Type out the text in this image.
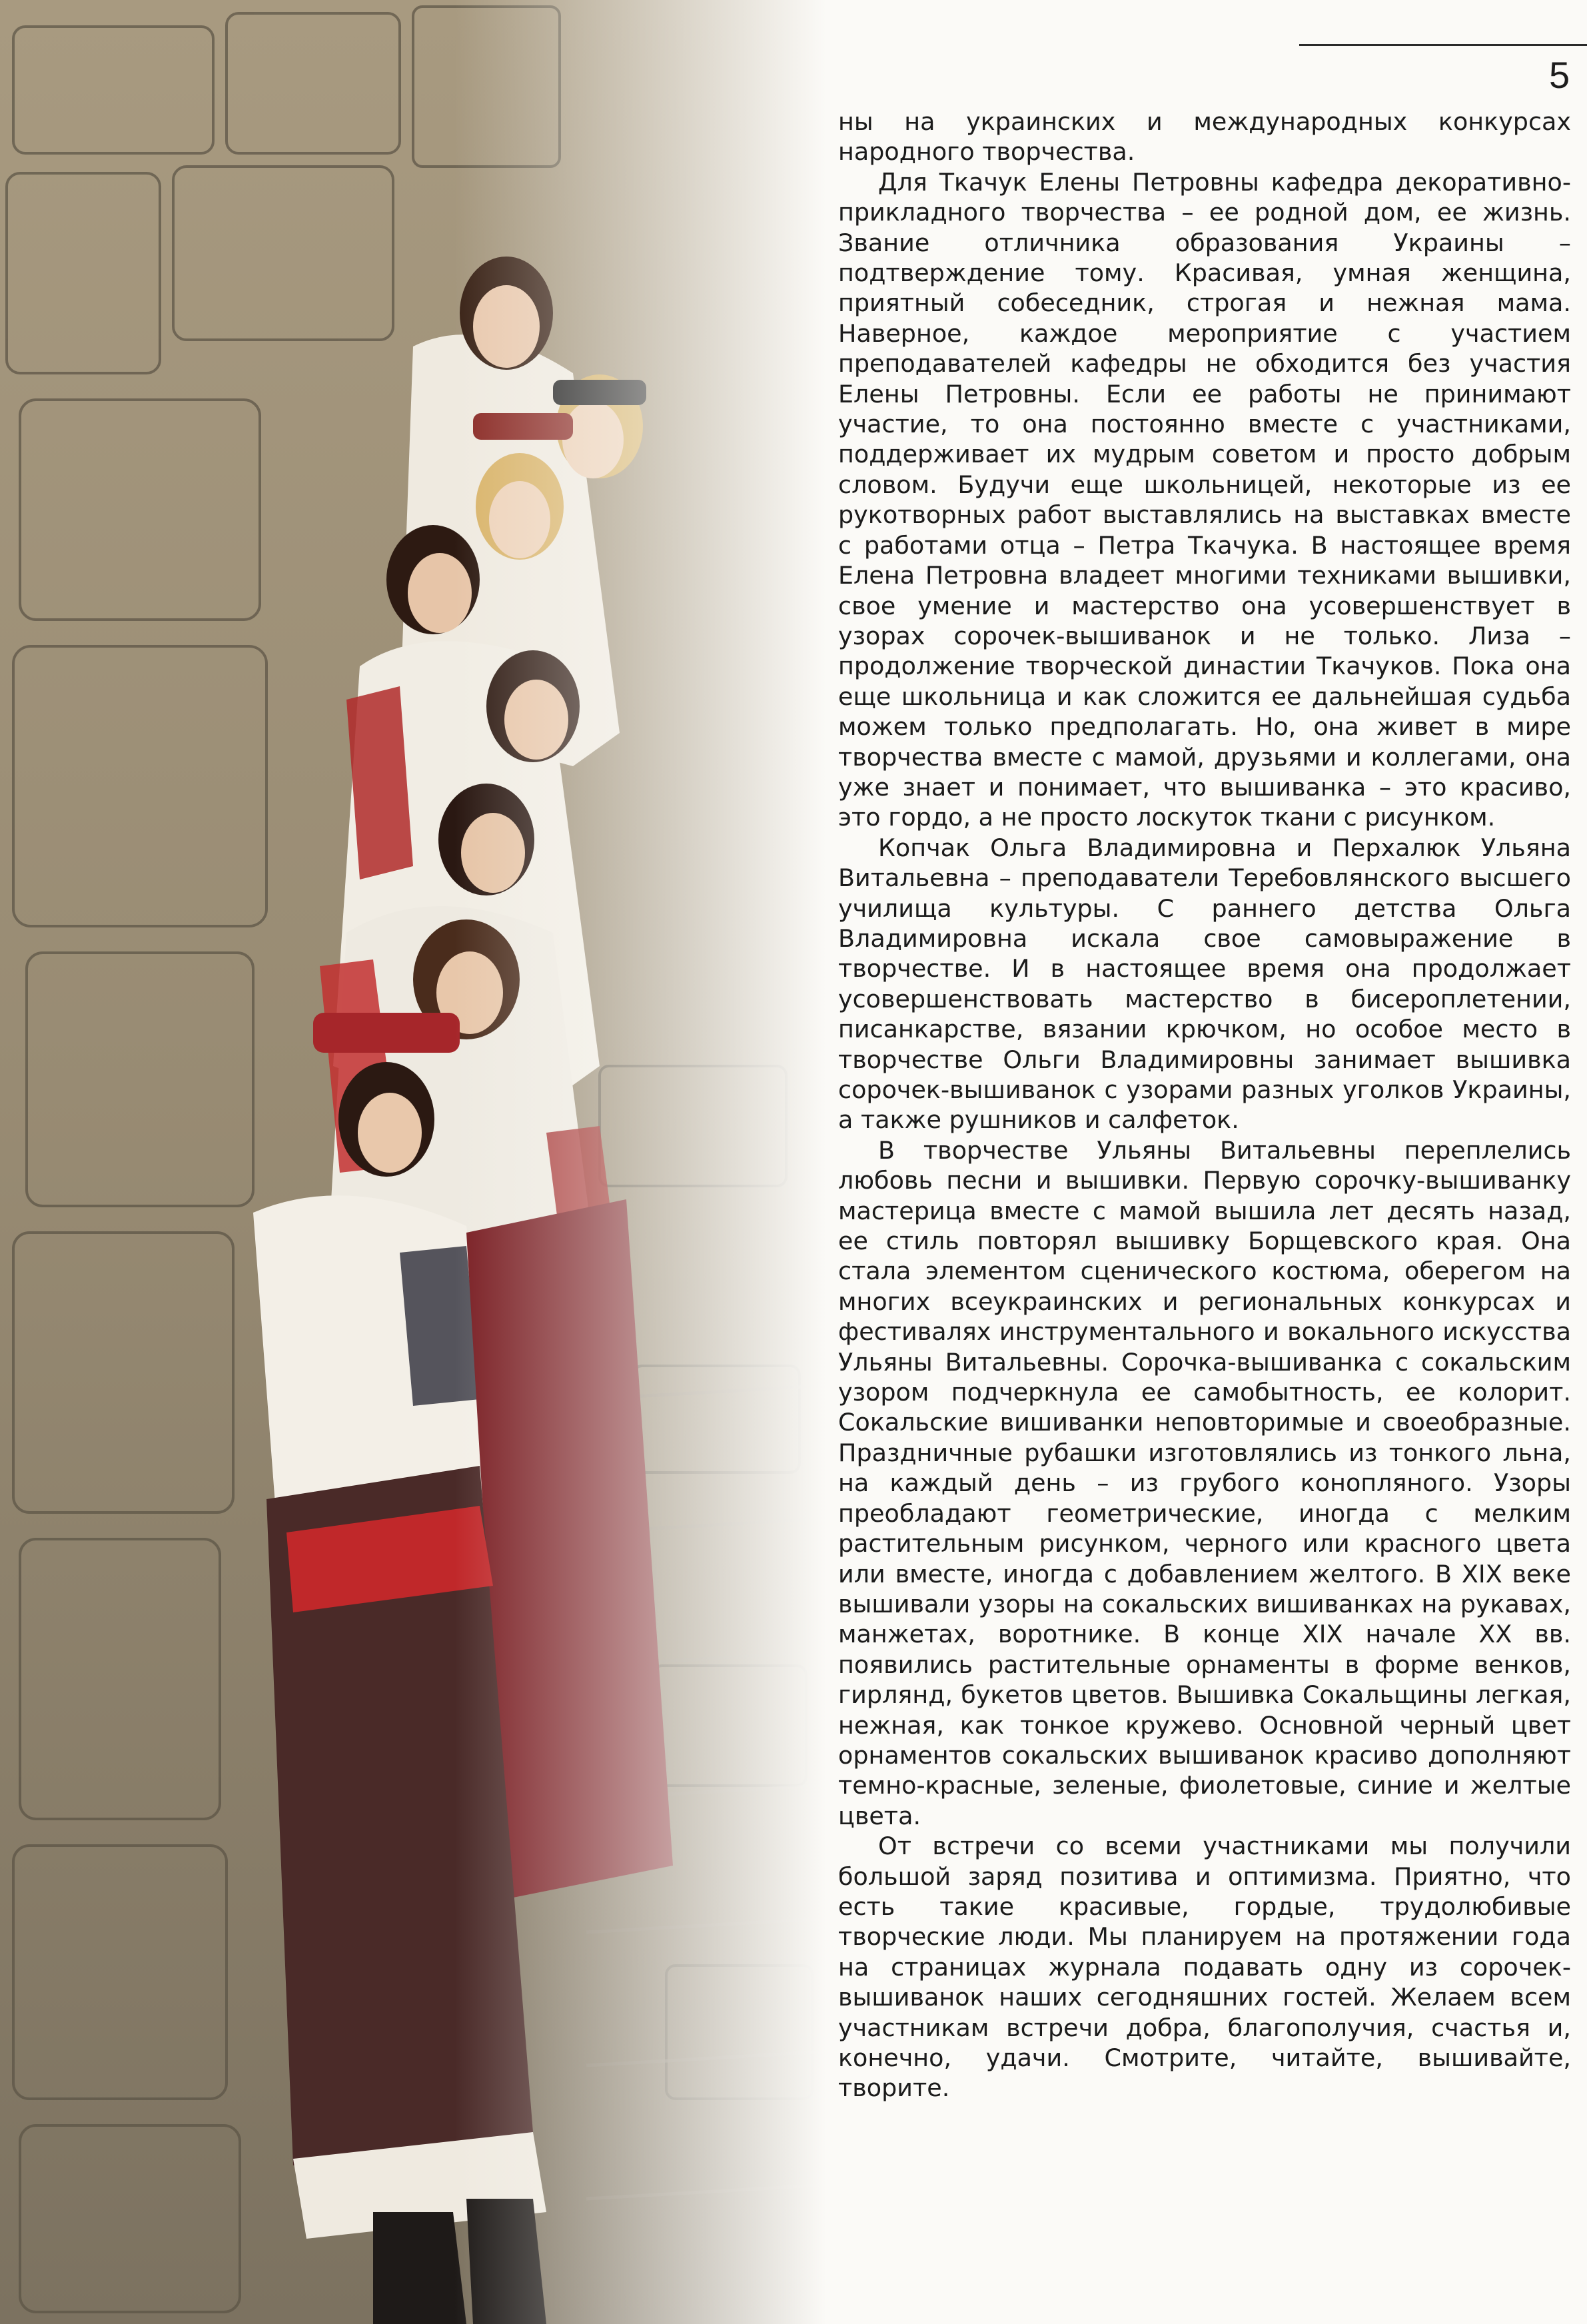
5

ны на украинских и международных конкурсах народного творчества.

Для Ткачук Елены Петровны кафедра декоративно-прикладного творчества – ее родной дом, ее жизнь. Звание отличника образования Украины – подтверждение тому. Красивая, умная женщина, приятный собеседник, строгая и нежная мама. Наверное, каждое мероприятие с участием преподавателей кафедры не обходится без участия Елены Петровны. Если ее работы не принимают участие, то она постоянно вместе с участниками, поддерживает их мудрым советом и просто добрым словом. Будучи еще школьницей, некоторые из ее рукотворных работ выставлялись на выставках вместе с работами отца – Петра Ткачука. В настоящее время Елена Петровна владеет многими техниками вышивки, свое умение и мастерство она усовершенствует в узорах сорочек-вышиванок и не только. Лиза – продолжение творческой династии Ткачуков. Пока она еще школьница и как сложится ее дальнейшая судьба можем только предполагать. Но, она живет в мире творчества вместе с мамой, друзьями и коллегами, она уже знает и понимает, что вышиванка – это красиво, это гордо, а не просто лоскуток ткани с рисунком.

Копчак Ольга Владимировна и Перхалюк Ульяна Витальевна – преподаватели Теребовлянского высшего училища культуры. С раннего детства Ольга Владимировна искала свое самовыражение в творчестве. И в настоящее время она продолжает усовершенствовать мастерство в бисероплетении, писанкарстве, вязании крючком, но особое место в творчестве Ольги Владимировны занимает вышивка сорочек-вышиванок с узорами разных уголков Украины, а также рушников и салфеток.

В творчестве Ульяны Витальевны переплелись любовь песни и вышивки. Первую сорочку-вышиванку мастерица вместе с мамой вышила лет десять назад, ее стиль повторял вышивку Борщевского края. Она стала элементом сценического костюма, оберегом на многих всеукраинских и региональных конкурсах и фестивалях инструментального и вокального искусства Ульяны Витальевны. Сорочка-вышиванка с сокальским узором подчеркнула ее самобытность, ее колорит. Сокальские вишиванки неповторимые и своеобразные. Праздничные рубашки изготовлялись из тонкого льна, на каждый день – из грубого конопляного. Узоры преобладают геометрические, иногда с мелким растительным рисунком, черного или красного цвета или вместе, иногда с добавлением желтого. В XIX веке вышивали узоры на сокальских вишиванках на рукавах, манжетах, воротнике. В конце XIX начале XX вв. появились растительные орнаменты в форме венков, гирлянд, букетов цветов. Вышивка Сокальщины легкая, нежная, как тонкое кружево. Основной черный цвет орнаментов сокальских вышиванок красиво дополняют темно-красные, зеленые, фиолетовые, синие и желтые цвета.

От встречи со всеми участниками мы получили большой заряд позитива и оптимизма. Приятно, что есть такие красивые, гордые, трудолюбивые творческие люди. Мы планируем на протяжении года на страницах журнала подавать одну из сорочек-вышиванок наших сегодняшних гостей. Желаем всем участникам встречи добра, благополучия, счастья и, конечно, удачи. Смотрите, читайте, вышивайте, творите.
